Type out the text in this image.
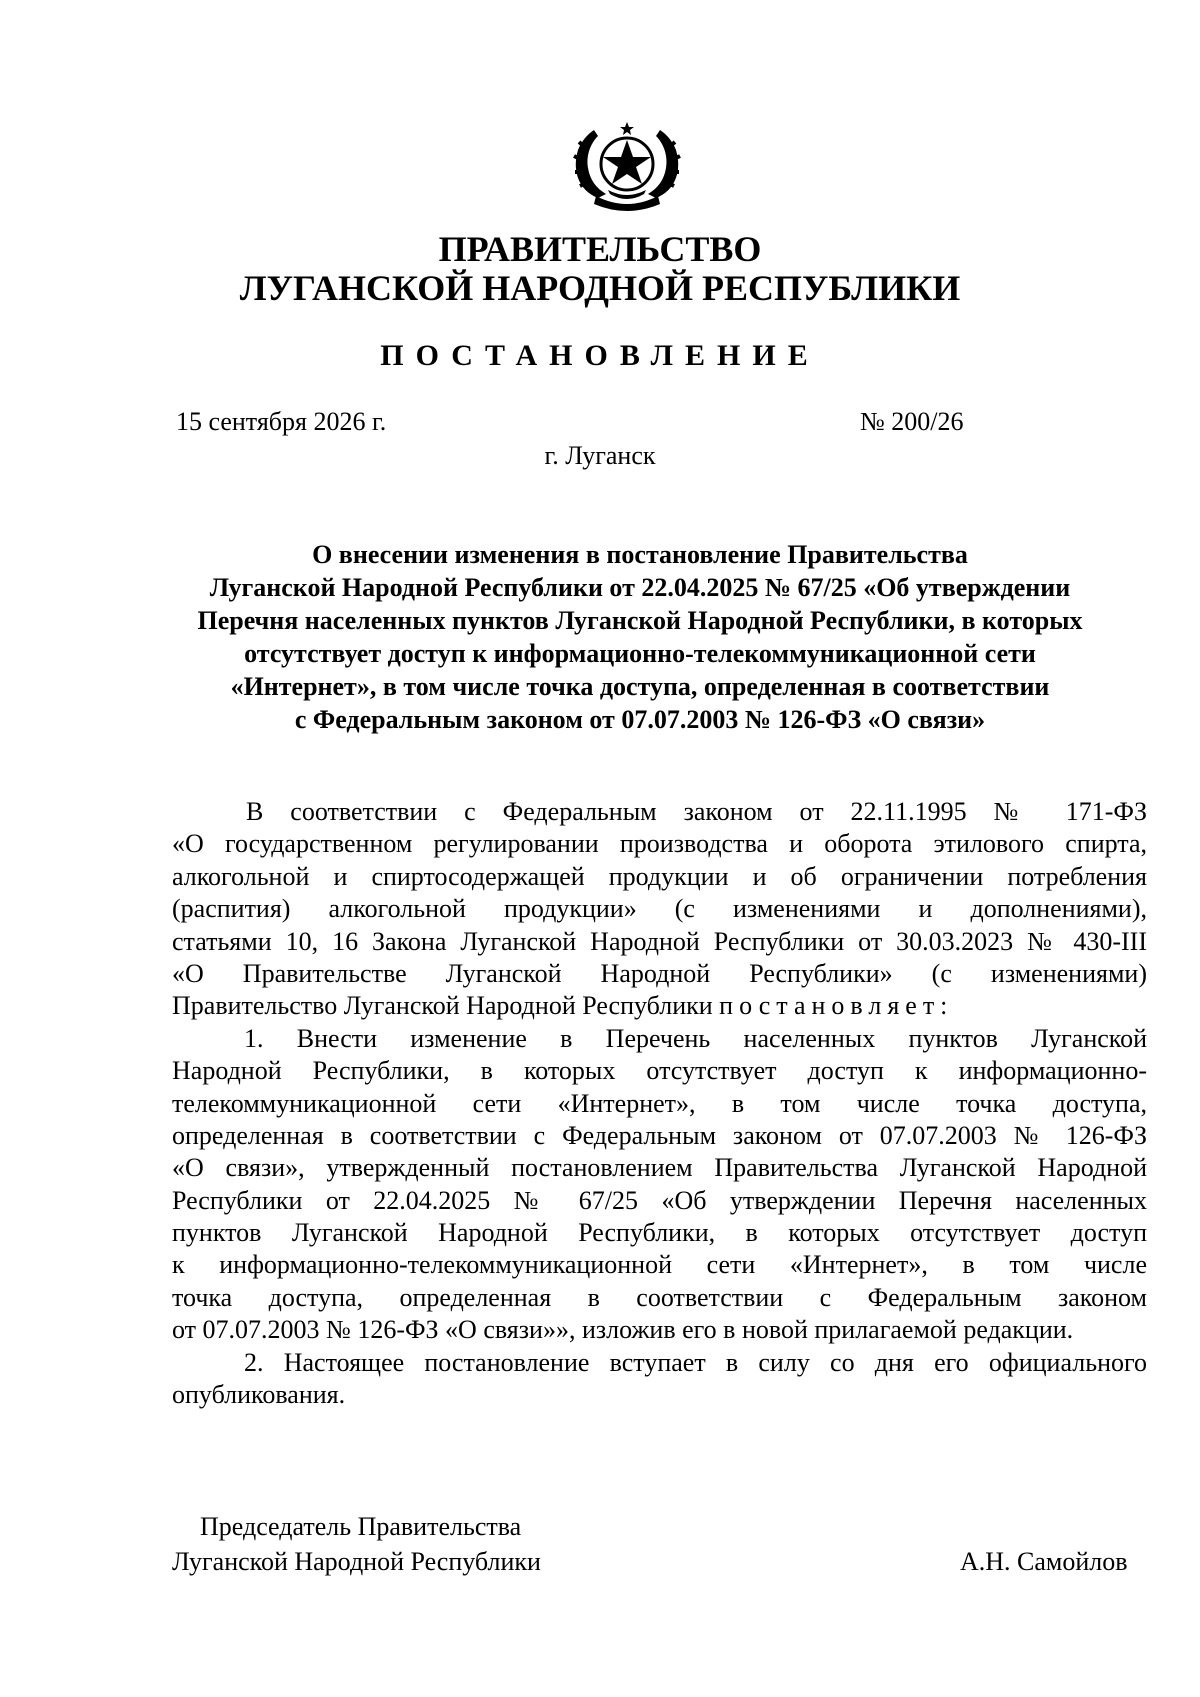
ПРАВИТЕЛЬСТВО
ЛУГАНСКОЙ НАРОДНОЙ РЕСПУБЛИКИ
ПОСТАНОВЛЕНИЕ
15 сентября 2026 г.	№ 200/26
г. Луганск
О внесении изменения в постановление Правительства
Луганской Народной Республики от 22.04.2025 № 67/25 «Об утверждении
Перечня населенных пунктов Луганской Народной Республики, в которых
отсутствует доступ к информационно-телекоммуникационной сети
«Интернет», в том числе точка доступа, определенная в соответствии
с Федеральным законом от 07.07.2003 № 126-ФЗ «О связи»
В соответствии с Федеральным законом от 22.11.1995 № 171-ФЗ
«О государственном регулировании производства и оборота этилового спирта,
алкогольной и спиртосодержащей продукции и об ограничении потребления
(распития) алкогольной продукции» (с изменениями и дополнениями),
статьями 10, 16 Закона Луганской Народной Республики от 30.03.2023 № 430-III
«О Правительстве Луганской Народной Республики» (с изменениями)
Правительство Луганской Народной Республики постановляет:
1. Внести изменение в Перечень населенных пунктов Луганской
Народной Республики, в которых отсутствует доступ к информационно-
телекоммуникационной сети «Интернет», в том числе точка доступа,
определенная в соответствии с Федеральным законом от 07.07.2003 № 126-ФЗ
«О связи», утвержденный постановлением Правительства Луганской Народной
Республики от 22.04.2025 № 67/25 «Об утверждении Перечня населенных
пунктов Луганской Народной Республики, в которых отсутствует доступ
к информационно-телекоммуникационной сети «Интернет», в том числе
точка доступа, определенная в соответствии с Федеральным законом
от 07.07.2003 № 126-ФЗ «О связи»», изложив его в новой прилагаемой редакции.
2. Настоящее постановление вступает в силу со дня его официального
опубликования.
Председатель Правительства
Луганской Народной Республики	А.Н. Самойлов
